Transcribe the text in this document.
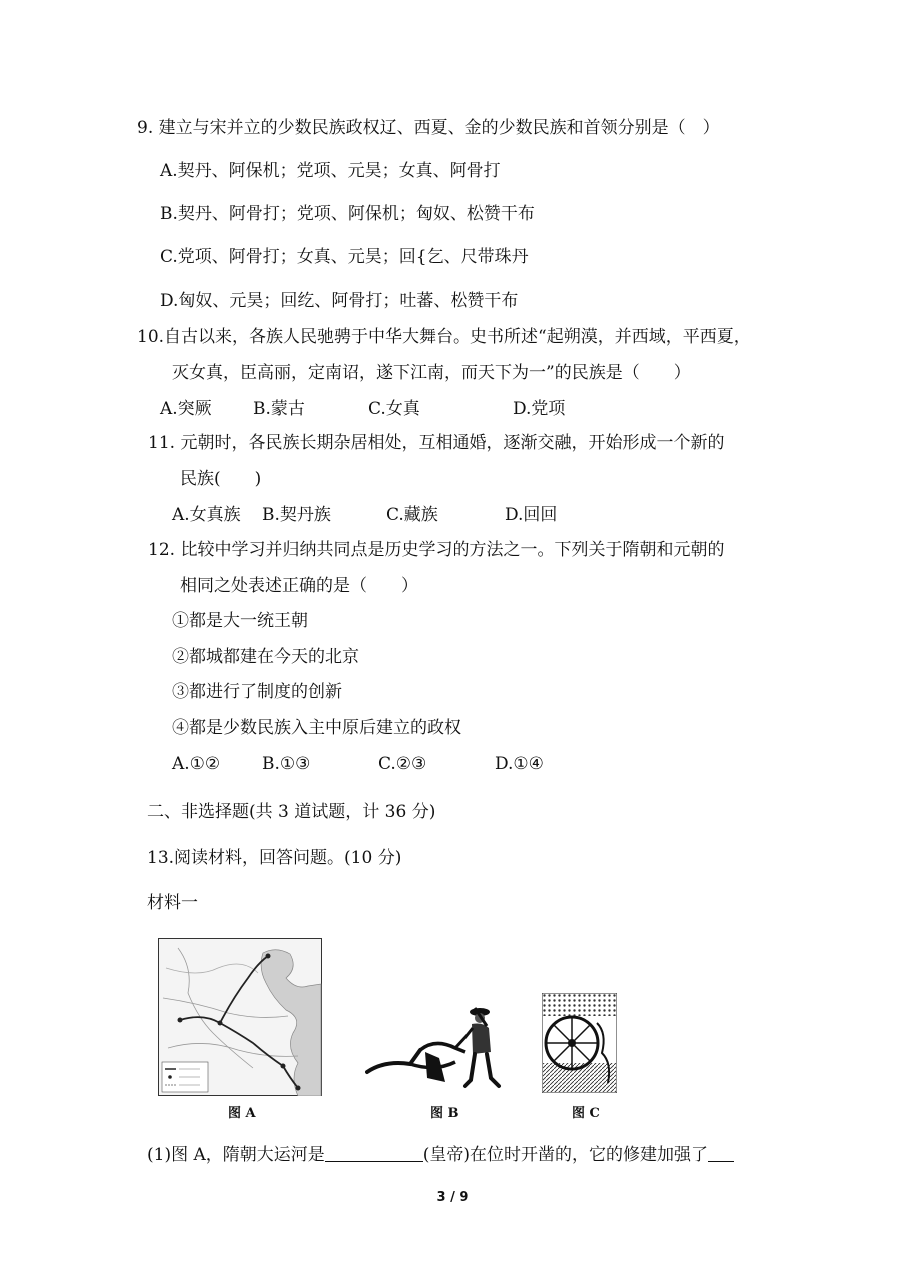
9. 建立与宋并立的少数民族政权辽、西夏、金的少数民族和首领分别是（　）
A.契丹、阿保机；党项、元昊；女真、阿骨打
B.契丹、阿骨打；党项、阿保机；匈奴、松赞干布
C.党项、阿骨打；女真、元昊；回{乞、尺带珠丹
D.匈奴、元昊；回纥、阿骨打；吐蕃、松赞干布
10.自古以来，各族人民驰骋于中华大舞台。史书所述“起朔漠，并西域，平西夏，
灭女真，臣高丽，定南诏，遂下江南，而天下为一”的民族是（　　）
A.突厥 B.蒙古	C.女真	D.党项
11. 元朝时，各民族长期杂居相处，互相通婚，逐渐交融，开始形成一个新的
民族(　　)
A.女真族 B.契丹族	C.藏族	D.回回
12. 比较中学习并归纳共同点是历史学习的方法之一。下列关于隋朝和元朝的
相同之处表述正确的是（　　）
①都是大一统王朝
②都城都建在今天的北京
③都进行了制度的创新
④都是少数民族入主中原后建立的政权
A.①② B.①③	C.②③	D.①④
二、非选择题(共 3 道试题，计 36 分)
13.阅读材料，回答问题。(10 分)
材料一
图 A	图 B	图 C
(1)图 A，隋朝大运河是	(皇帝)在位时开凿的，它的修建加强了
3 / 9
